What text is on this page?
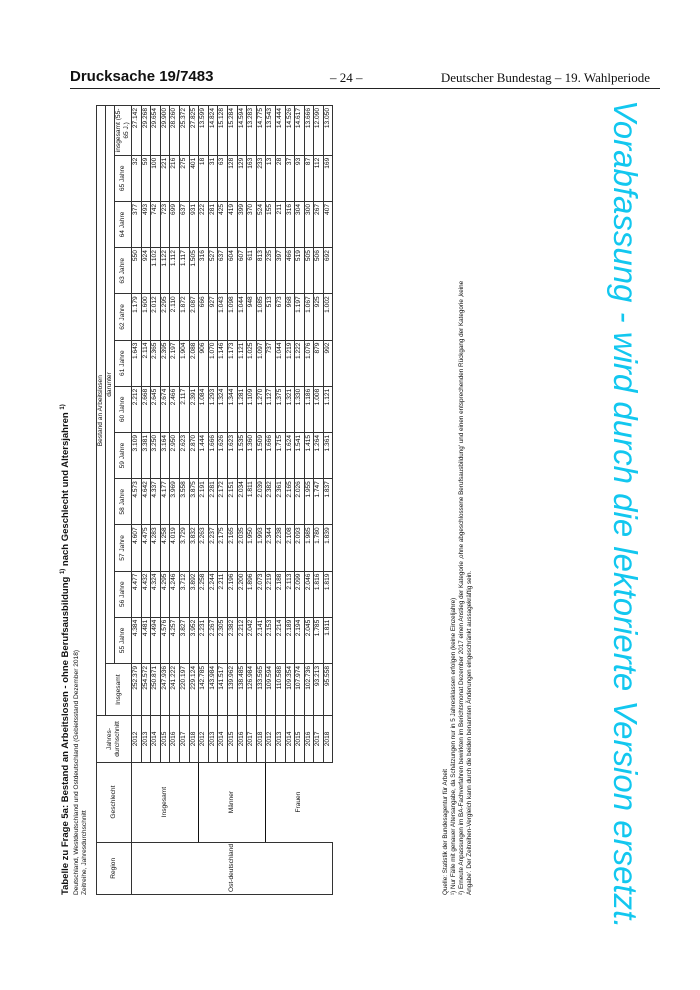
Drucksache 19/7483	– 24 –	Deutscher Bundestag – 19. Wahlperiode
Vorabfassung - wird durch die lektorierte Version ersetzt.
Tabelle zu Frage 5a: Bestand an Arbeitslosen - ohne Berufsausbildung $^{1)}$ nach Geschlecht und Altersjahren $^{1)}$
Deutschland, Westdeutschland und Ostdeutschland (Gebietsstand Dezember 2018) Zeitreihe, Jahresdurchschnitt	Region	Geschlecht	Jahres-durchschnitt	Bestand an Arbeitslosen												
			Insgesamt	darunter											
				55 Jahre	56 Jahre	57 Jahre	58 Jahre	59 Jahre	60 Jahre	61 Jahre	62 Jahre	63 Jahre	64 Jahre	65 Jahre	insgesamt (55-65 J.)
Ost-deutschland	Insgesamt	2012	252.379	4.384	4.477	4.607	4.573	3.109	2.212	1.643	1.179	550	377	32	27.142
		2013	254.572	4.481	4.432	4.475	4.642	3.381	2.668	2.114	1.600	924	493	59	29.268
		2014	250.871	4.494	4.324	4.283	4.337	3.250	2.645	2.365	2.012	1.102	742	100	29.654
		2015	247.936	4.576	4.295	4.258	4.177	3.164	2.674	2.395	2.295	1.122	723	221	29.900
		2016	241.222	4.257	4.246	4.019	3.969	2.950	2.466	2.197	2.110	1.112	699	216	28.260
		2017	220.197	3.827	3.712	3.729	3.558	2.623	2.117	1.904	1.872	1.117	637	275	25.372
		2018	229.124	3.952	3.892	3.832	3.875	2.870	2.391	2.088	2.087	1.505	931	401	27.825
	Männer	2012	142.785	2.231	2.258	2.263	2.191	1.444	1.084	906	666	316	222	18	13.599
		2013	143.984	2.267	2.244	2.237	2.281	1.666	1.293	1.070	927	527	281	31	14.824
		2014	141.517	2.305	2.211	2.175	2.172	1.626	1.324	1.146	1.043	637	425	63	15.128
		2015	139.962	2.382	2.196	2.165	2.151	1.623	1.344	1.173	1.098	604	419	128	15.284
		2016	138.485	2.212	2.200	2.035	2.034	1.535	1.281	1.121	1.044	607	399	129	14.594
		2017	126.984	2.042	1.896	1.950	1.811	1.360	1.109	1.025	948	611	370	163	13.283
		2018	133.565	2.141	2.073	1.993	2.039	1.509	1.270	1.097	1.085	813	524	233	14.775
	Frauen	2012	109.594	2.153	2.219	2.344	2.382	1.666	1.127	737	513	235	155	13	13.543
		2013	110.588	2.214	2.188	2.238	2.361	1.715	1.375	1.044	673	397	211	28	14.444
		2014	109.354	2.189	2.113	2.108	2.165	1.624	1.321	1.219	968	466	316	37	14.526
		2015	107.974	2.194	2.099	2.093	2.026	1.541	1.330	1.222	1.197	519	304	93	14.617
		2016	102.736	2.045	2.046	1.985	1.955	1.415	1.186	1.076	1.067	505	300	87	13.666
		2017	93.213	1.785	1.816	1.780	1.747	1.264	1.008	879	925	506	267	112	12.090
		2018	95.558	1.811	1.819	1.839	1.837	1.361	1.121	992	1.002	692	407	169	13.050
Quelle: Statistik der Bundesagentur für Arbeit ¹) Nur Fälle mit genauer Altersangabe, da Schätzungen nur in 5 Jahresklassen erfolgen (keine Einzeljahre) ²) Erneute Anpassungen im BA-Fachverfahren bewirkten im Berichtsmonat Dezember 2017 einen Anstieg der Kategorie ‚ohne abgeschlossene Berufsausbildung' und einen entsprechenden Rückgang der Kategorie ‚keine Angabe'. Der Zeitreihen-Vergleich kann durch die beiden benannten Änderungen eingeschränkt aussagekräftig sein.
